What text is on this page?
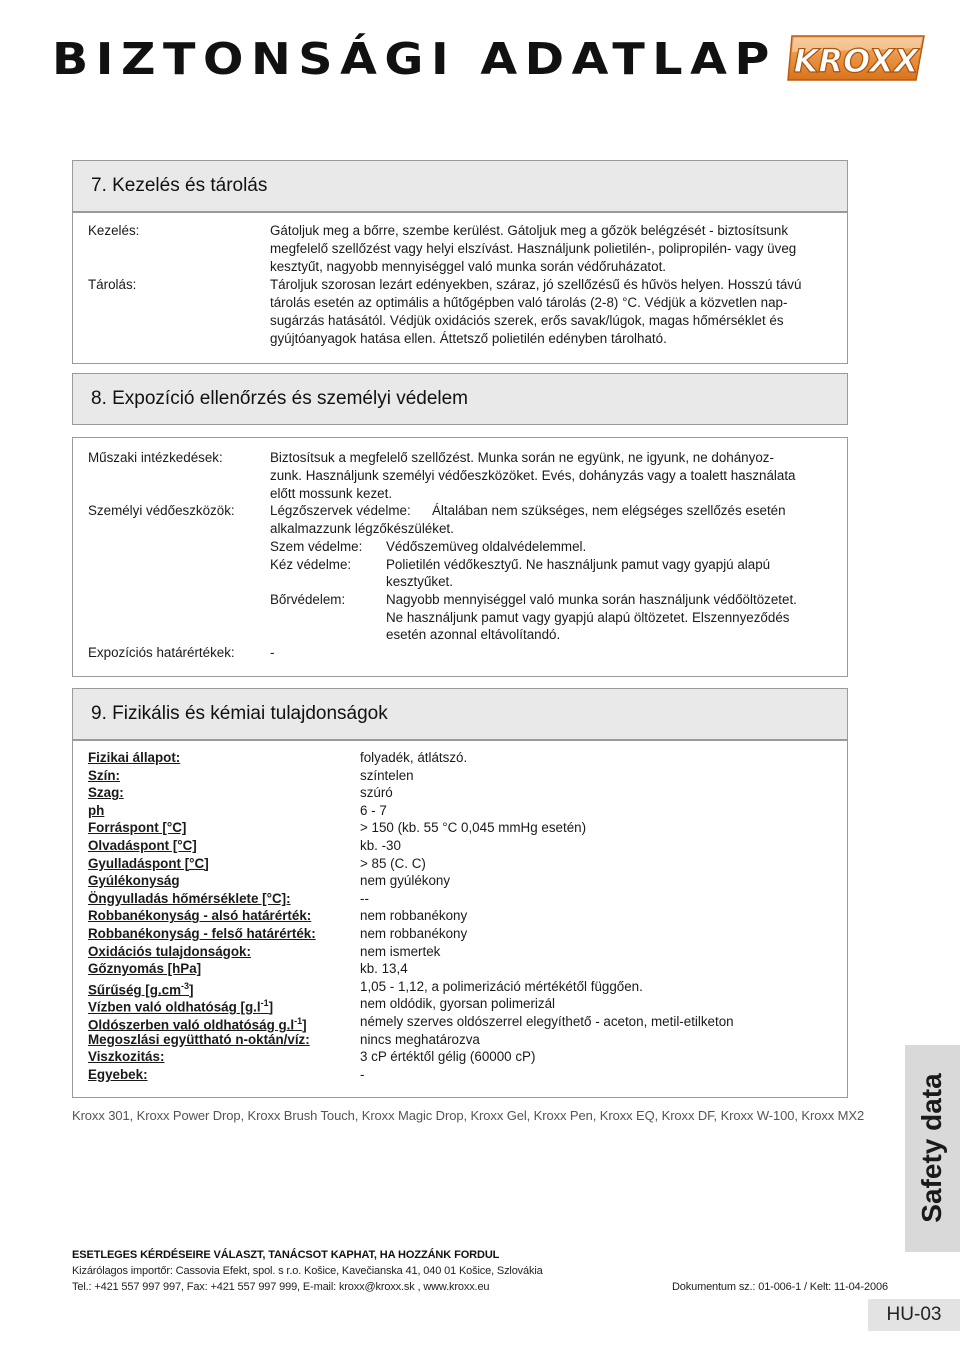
BIZTONSÁGI ADATLAP KROXX
7. Kezelés és tárolás
Kezelés:	Gátoljuk meg a bőrre, szembe kerülést. Gátoljuk meg a gőzök belégzését - biztosítsunk
megfelelő szellőzést vagy helyi elszívást. Használjunk polietilén-, polipropilén- vagy üveg
kesztyűt, nagyobb mennyiséggel való munka során védőruházatot.
Tárolás:	Tároljuk szorosan lezárt edényekben, száraz, jó szellőzésű és hűvös helyen. Hosszú távú
tárolás esetén az optimális a hűtőgépben való tárolás (2-8) °C. Védjük a közvetlen nap-
sugárzás hatásától. Védjük oxidációs szerek, erős savak/lúgok, magas hőmérséklet és
gyújtóanyagok hatása ellen. Áttetsző polietilén edényben tárolható.
8. Expozíció ellenőrzés és személyi védelem
Műszaki intézkedések:	Biztosítsuk a megfelelő szellőzést. Munka során ne együnk, ne igyunk, ne dohányoz-
zunk. Használjunk személyi védőeszközöket. Evés, dohányzás vagy a toalett használata
előtt mossunk kezet.
Személyi védőeszközök:	Légzőszervek védelme: Általában nem szükséges, nem elégséges szellőzés esetén
alkalmazzunk légzőkészüléket.
Szem védelme: Védőszemüveg oldalvédelemmel.
Kéz védelme:	Polietilén védőkesztyű. Ne használjunk pamut vagy gyapjú alapú
kesztyűket.
Bőrvédelem:	Nagyobb mennyiséggel való munka során használjunk védőöltözetet.
Ne használjunk pamut vagy gyapjú alapú öltözetet. Elszennyeződés
esetén azonnal eltávolítandó.
Expozíciós határértékek:	-
9. Fizikális és kémiai tulajdonságok
Fizikai állapot:	folyadék, átlátszó.
Szín:	színtelen
Szag:	szúró
ph	6 - 7
Forráspont [°C]	> 150 (kb. 55 °C 0,045 mmHg esetén)
Olvadáspont [°C]	kb. -30
Gyulladáspont [°C]	> 85 (C. C)
Gyúlékonyság	nem gyúlékony
Öngyulladás hőmérséklete [°C]:	--
Robbanékonyság - alsó határérték:	nem robbanékony
Robbanékonyság - felső határérték:	nem robbanékony
Oxidációs tulajdonságok:	nem ismertek
Gőznyomás [hPa]	kb. 13,4
Sűrűség $[g.cm^{-3}]$	1,05 - 1,12, a polimerizáció mértékétől függően.
Vízben való oldhatóság $[g.l^{-1}]$	nem oldódik, gyorsan polimerizál
Oldószerben való oldhatóság $g.l^{-1}$]	némely szerves oldószerrel elegyíthető - aceton, metil-etilketon
Megoszlási együttható n-oktán/víz:	nincs meghatározva
Viszkozitás:	3 cP értéktől gélig (60000 cP)
Egyebek:	-
Kroxx 301, Kroxx Power Drop, Kroxx Brush Touch, Kroxx Magic Drop, Kroxx Gel, Kroxx Pen, Kroxx EQ, Kroxx DF, Kroxx W-100, Kroxx MX2 Safety data
ESETLEGES KÉRDÉSEIRE VÁLASZT, TANÁCSOT KAPHAT, HA HOZZÁNK FORDUL
Kizárólagos importőr: Cassovia Efekt, spol. s r.o. Košice, Kavečianska 41, 040 01 Košice, Szlovákia
Tel.: +421 557 997 997, Fax: +421 557 997 999, E-mail: kroxx@kroxx.sk , www.kroxx.eu	Dokumentum sz.: 01-006-1 / Kelt: 11-04-2006
HU-03
